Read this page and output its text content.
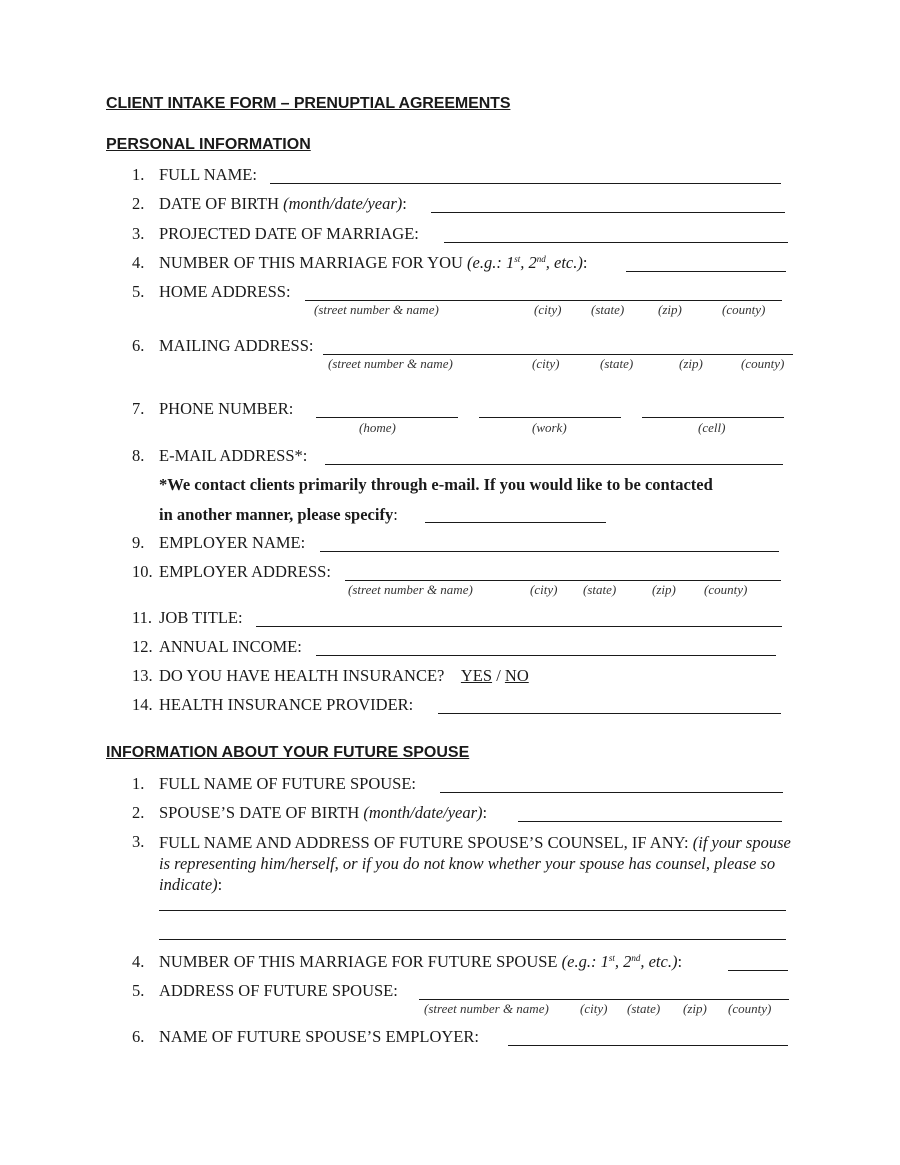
CLIENT INTAKE FORM – PRENUPTIAL AGREEMENTS
PERSONAL INFORMATION
1. FULL NAME:
2. DATE OF BIRTH (month/date/year):
3. PROJECTED DATE OF MARRIAGE:
4. NUMBER OF THIS MARRIAGE FOR YOU (e.g.: 1st, 2nd, etc.):
5. HOME ADDRESS:
(street number & name)	(city) (state)	(zip)	(county)
6. MAILING ADDRESS:
(street number & name)	(city)	(state)	(zip)	(county)
7. PHONE NUMBER:
(home)	(work)	(cell)
8. E-MAIL ADDRESS*:
*We contact clients primarily through e-mail. If you would like to be contacted
in another manner, please specify:
9. EMPLOYER NAME:
10. EMPLOYER ADDRESS:
(street number & name)	(city) (state)	(zip) (county)
11. JOB TITLE:
12. ANNUAL INCOME:
13. DO YOU HAVE HEALTH INSURANCE? YES / NO
14. HEALTH INSURANCE PROVIDER:
INFORMATION ABOUT YOUR FUTURE SPOUSE
1. FULL NAME OF FUTURE SPOUSE:
2. SPOUSE’S DATE OF BIRTH (month/date/year):
3. FULL NAME AND ADDRESS OF FUTURE SPOUSE’S COUNSEL, IF ANY: (if your spouse is representing him/herself, or if you do not know whether your spouse has counsel, please so indicate):
4. NUMBER OF THIS MARRIAGE FOR FUTURE SPOUSE (e.g.: 1st, 2nd, etc.):
5. ADDRESS OF FUTURE SPOUSE:
(street number & name) (city) (state) (zip) (county)
6. NAME OF FUTURE SPOUSE’S EMPLOYER:
